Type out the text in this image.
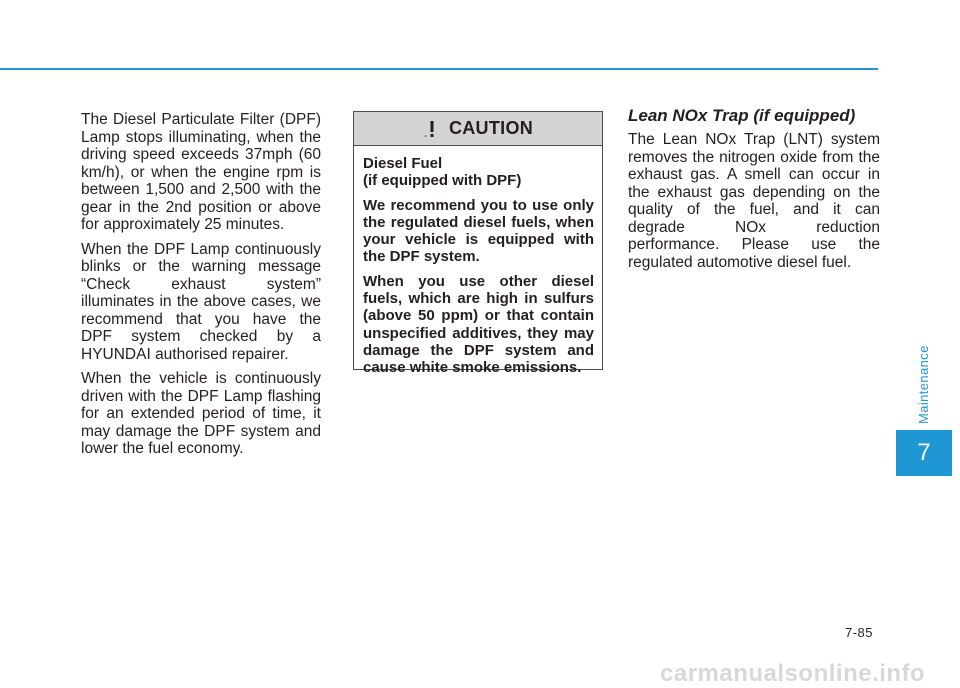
The Diesel Particulate Filter (DPF) Lamp stops illuminating, when the driving speed exceeds 37mph (60 km/h), or when the engine rpm is between 1,500 and 2,500 with the gear in the 2nd position or above for approximately 25 minutes.

When the DPF Lamp continuously blinks or the warning message “Check exhaust system” illuminates in the above cases, we recommend that you have the DPF system checked by a HYUNDAI authorised repairer.

When the vehicle is continuously driven with the DPF Lamp flashing for an extended period of time, it may damage the DPF system and lower the fuel economy.

CAUTION

Diesel Fuel
(if equipped with DPF)

We recommend you to use only the regulated diesel fuels, when your vehicle is equipped with the DPF system.

When you use other diesel fuels, which are high in sulfurs (above 50 ppm) or that contain unspecified additives, they may damage the DPF system and cause white smoke emissions.

Lean NOx Trap (if equipped)

The Lean NOx Trap (LNT) system removes the nitrogen oxide from the exhaust gas. A smell can occur in the exhaust gas depending on the quality of the fuel, and it can degrade NOx reduction performance. Please use the regulated automotive diesel fuel.

Maintenance
7
7-85
carmanualsonline.info
